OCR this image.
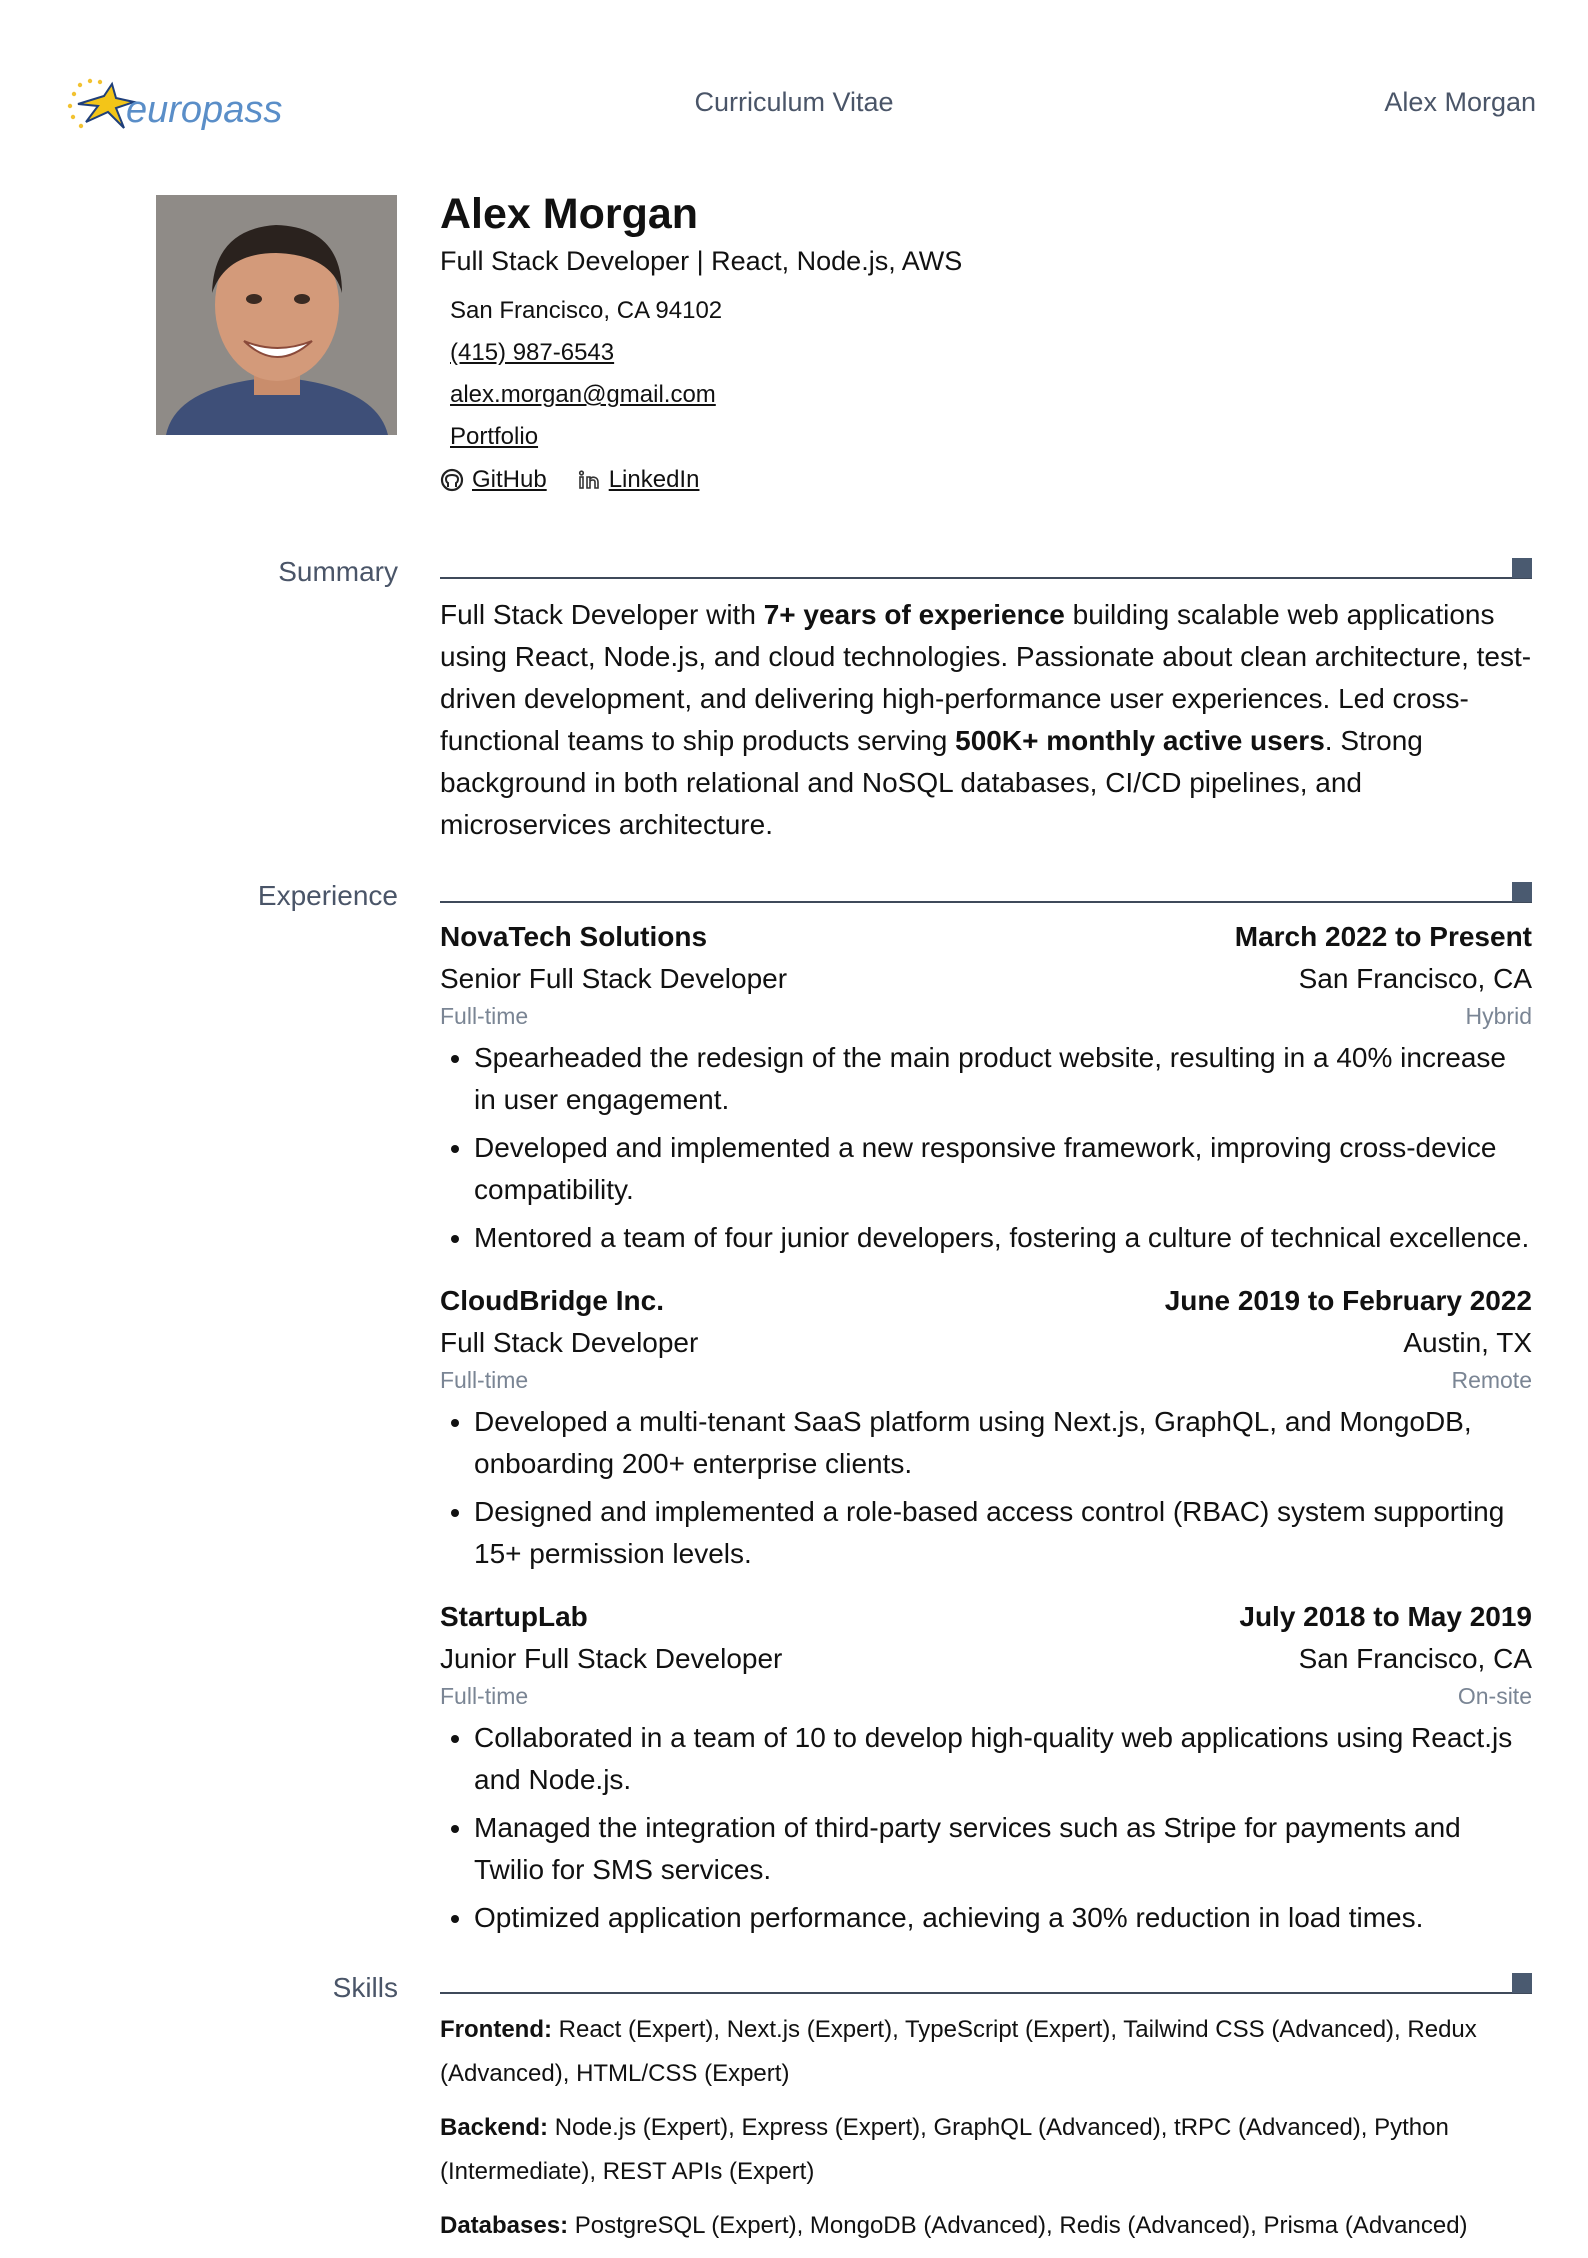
europass	Curriculum Vitae	Alex Morgan
Alex Morgan
Full Stack Developer | React, Node.js, AWS
San Francisco, CA 94102
(415) 987-6543
alex.morgan@gmail.com
Portfolio
GitHub	LinkedIn
Summary

Full Stack Developer with 7+ years of experience building scalable web applications using React, Node.js, and cloud technologies. Passionate about clean architecture, test-driven development, and delivering high-performance user experiences. Led cross-functional teams to ship products serving 500K+ monthly active users. Strong background in both relational and NoSQL databases, CI/CD pipelines, and microservices architecture.

Experience
NovaTech Solutions	March 2022 to Present
Senior Full Stack Developer	San Francisco, CA
Full-time	Hybrid
• Spearheaded the redesign of the main product website, resulting in a 40% increase in user engagement.
• Developed and implemented a new responsive framework, improving cross-device compatibility.
• Mentored a team of four junior developers, fostering a culture of technical excellence.
CloudBridge Inc.	June 2019 to February 2022
Full Stack Developer	Austin, TX
Full-time	Remote
• Developed a multi-tenant SaaS platform using Next.js, GraphQL, and MongoDB, onboarding 200+ enterprise clients.
• Designed and implemented a role-based access control (RBAC) system supporting 15+ permission levels.
StartupLab	July 2018 to May 2019
Junior Full Stack Developer	San Francisco, CA
Full-time	On-site
• Collaborated in a team of 10 to develop high-quality web applications using React.js and Node.js.
• Managed the integration of third-party services such as Stripe for payments and Twilio for SMS services.
• Optimized application performance, achieving a 30% reduction in load times.
Skills

Frontend: React (Expert), Next.js (Expert), TypeScript (Expert), Tailwind CSS (Advanced), Redux (Advanced), HTML/CSS (Expert)

Backend: Node.js (Expert), Express (Expert), GraphQL (Advanced), tRPC (Advanced), Python (Intermediate), REST APIs (Expert)

Databases: PostgreSQL (Expert), MongoDB (Advanced), Redis (Advanced), Prisma (Advanced)
